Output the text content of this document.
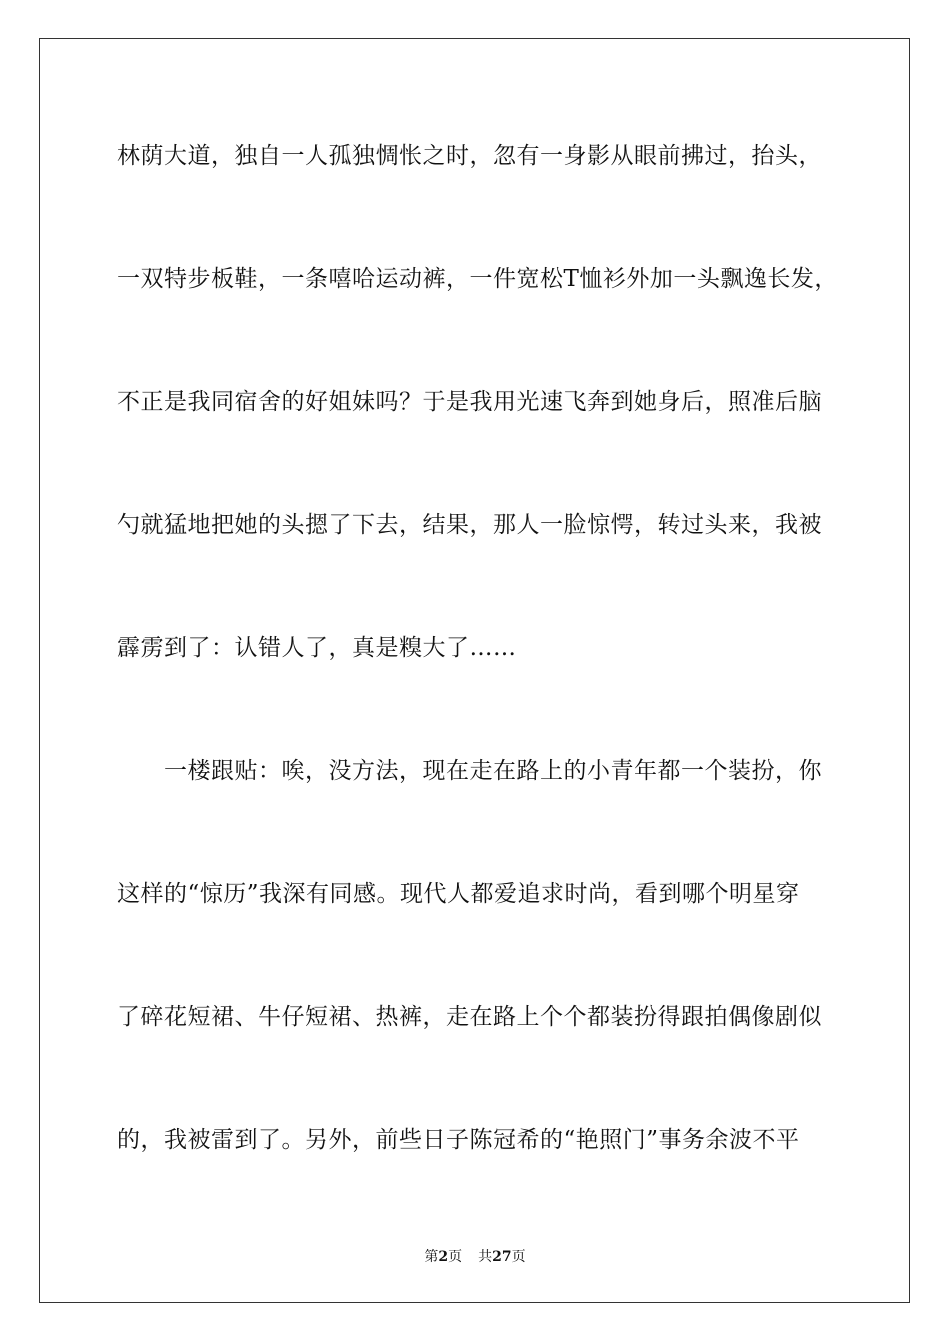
林荫大道，独自一人孤独惆怅之时，忽有一身影从眼前拂过，抬头，
一双特步板鞋，一条嘻哈运动裤，一件宽松T恤衫外加一头飘逸长发，
不正是我同宿舍的好姐妹吗？于是我用光速飞奔到她身后，照准后脑
勺就猛地把她的头摁了下去，结果，那人一脸惊愕，转过头来，我被
霹雳到了：认错人了，真是糗大了……
　　一楼跟贴：唉，没方法，现在走在路上的小青年都一个装扮，你
这样的“惊历”我深有同感。现代人都爱追求时尚，看到哪个明星穿
了碎花短裙、牛仔短裙、热裤，走在路上个个都装扮得跟拍偶像剧似
的，我被雷到了。另外，前些日子陈冠希的“艳照门”事务余波不平
第2页 共27页
